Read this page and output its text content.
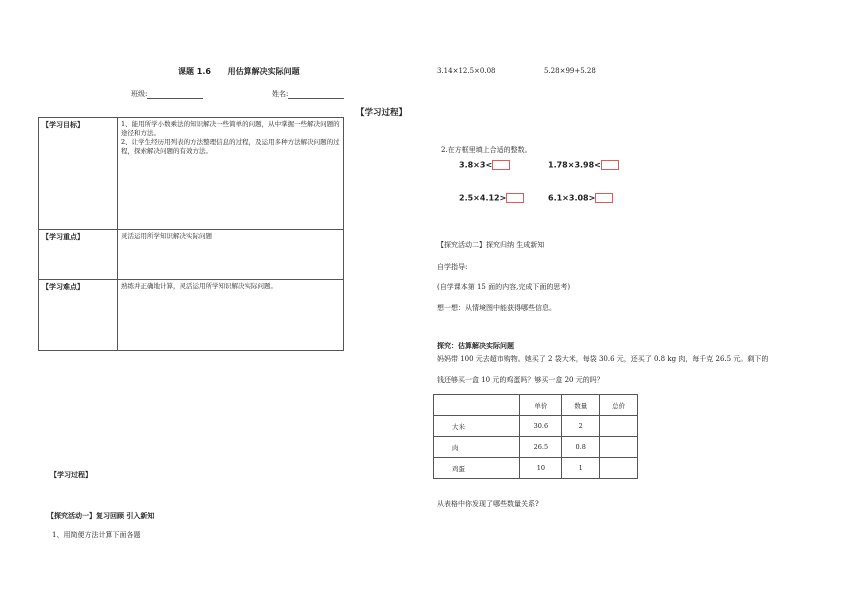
课题 1.6      用估算解决实际问题
班级:	姓名:
【学习目标】	1、能用所学小数乘法的知识解决一些简单的问题，从中掌握一些解决问题的途径和方法。
2、让学生经历用列表的方法整理信息的过程，及运用多种方法解决问题的过程，探索解决问题的有效方法。
【学习重点】	灵活运用所学知识解决实际问题
【学习难点】	熟练并正确地计算，灵活运用所学知识解决实际问题。
【学习过程】
【探究活动一】复习回顾 引入新知
1、用简便方法计算下面各题
3.14×12.5×0.08	5.28×99+5.28
【学习过程】
2.在方框里填上合适的整数。
3.8×3<	1.78×3.98<
2.5×4.12>	6.1×3.08>
【探究活动二】探究归纳 生成新知
自学指导:
(自学课本第 15 面的内容,完成下面的思考)
想一想：从情境图中能获得哪些信息。
探究：估算解决实际问题
妈妈带 100 元去超市购物。她买了 2 袋大米，每袋 30.6 元，还买了 0.8 kg 肉，每千克 26.5 元。剩下的
钱还够买一盒 10 元的鸡蛋吗？够买一盒 20 元的吗？
	单价	数量	总价
大米	30.6	2	
肉	26.5	0.8	
鸡蛋	10	1	
从表格中你发现了哪些数量关系?
